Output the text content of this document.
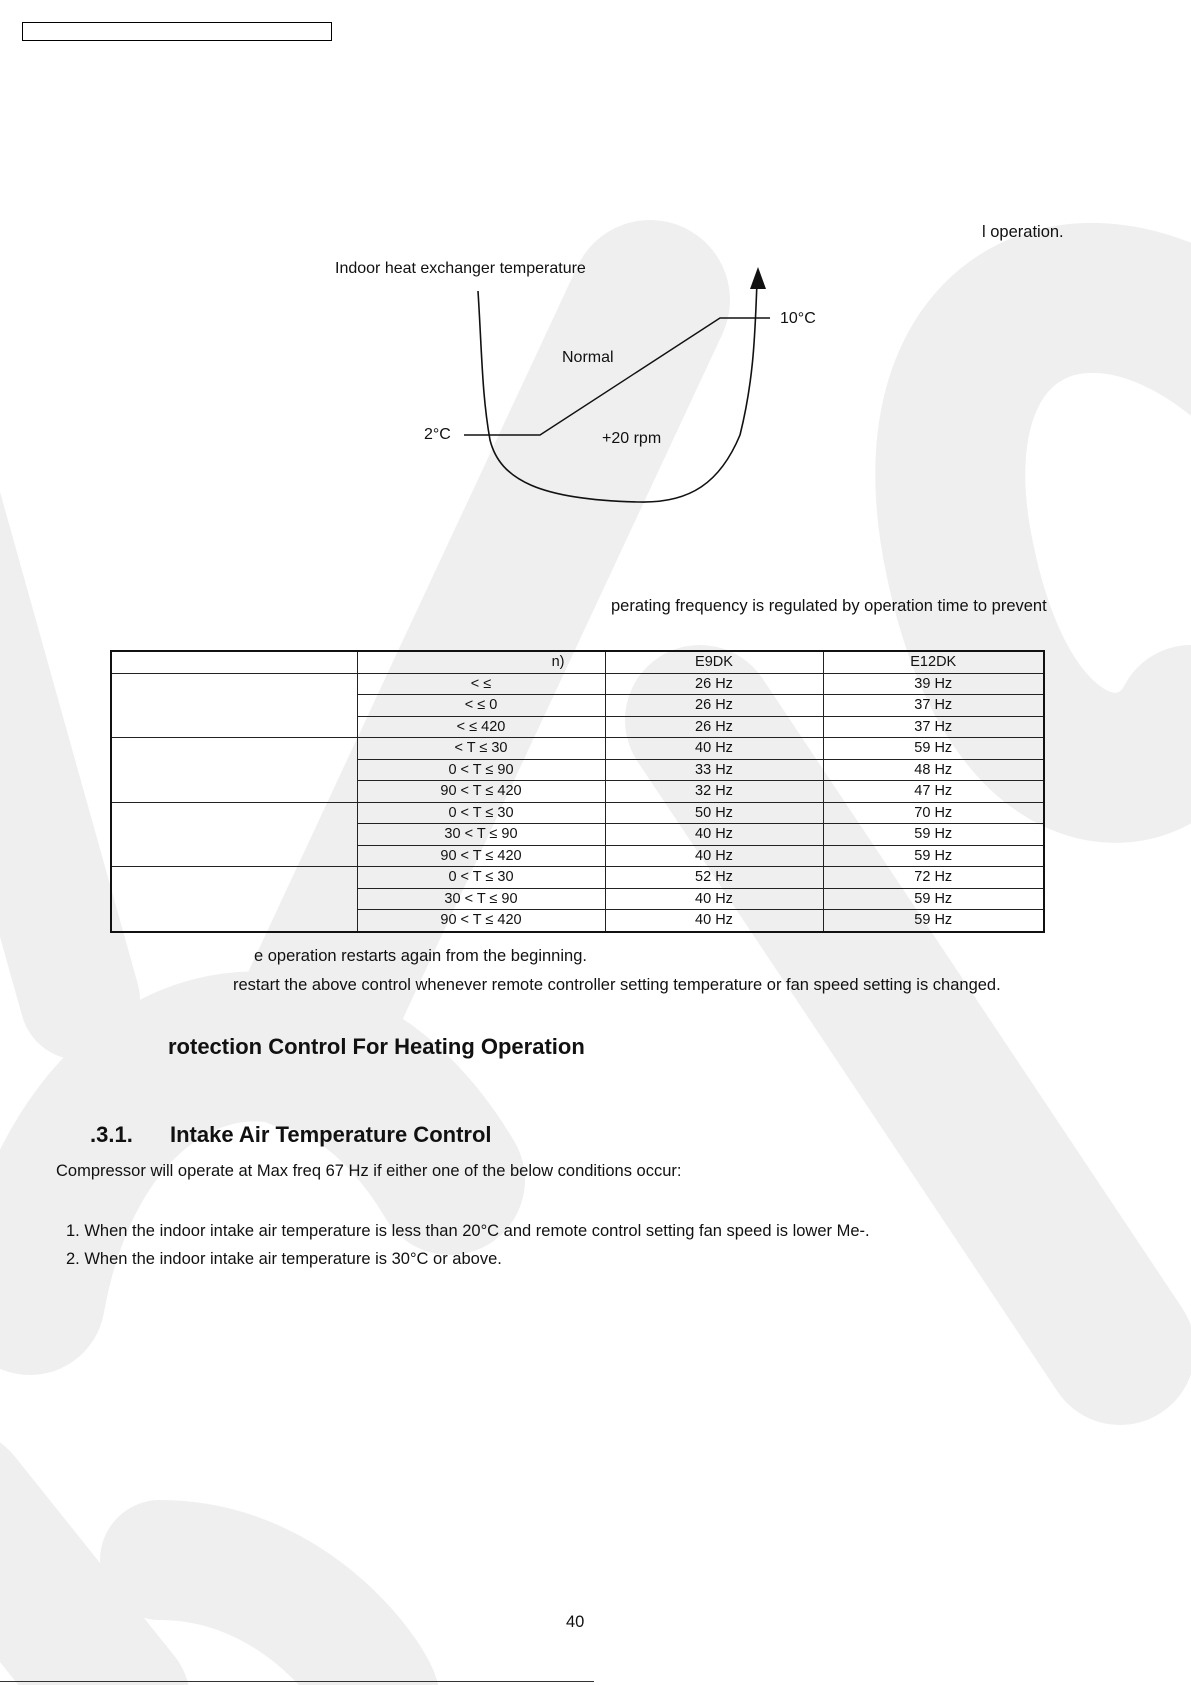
l operation.
Indoor heat exchanger temperature
10°C
2°C
Normal
+20 rpm
perating frequency is regulated by operation time to prevent
	n)	E9DK	E12DK
	< ≤	26 Hz	39 Hz
	< ≤ 0	26 Hz	37 Hz
	< ≤ 420	26 Hz	37 Hz
	< T ≤ 30	40 Hz	59 Hz
	0 < T ≤ 90	33 Hz	48 Hz
	90 < T ≤ 420	32 Hz	47 Hz
	0 < T ≤ 30	50 Hz	70 Hz
	30 < T ≤ 90	40 Hz	59 Hz
	90 < T ≤ 420	40 Hz	59 Hz
	0 < T ≤ 30	52 Hz	72 Hz
	30 < T ≤ 90	40 Hz	59 Hz
	90 < T ≤ 420	40 Hz	59 Hz
e operation restarts again from the beginning.
restart the above control whenever remote controller setting temperature or fan speed setting is changed.
rotection Control For Heating Operation
.3.1. Intake Air Temperature Control
Compressor will operate at Max freq 67 Hz if either one of the below conditions occur:
1. When the indoor intake air temperature is less than 20°C and remote control setting fan speed is lower Me-.
2. When the indoor intake air temperature is 30°C or above.
40
